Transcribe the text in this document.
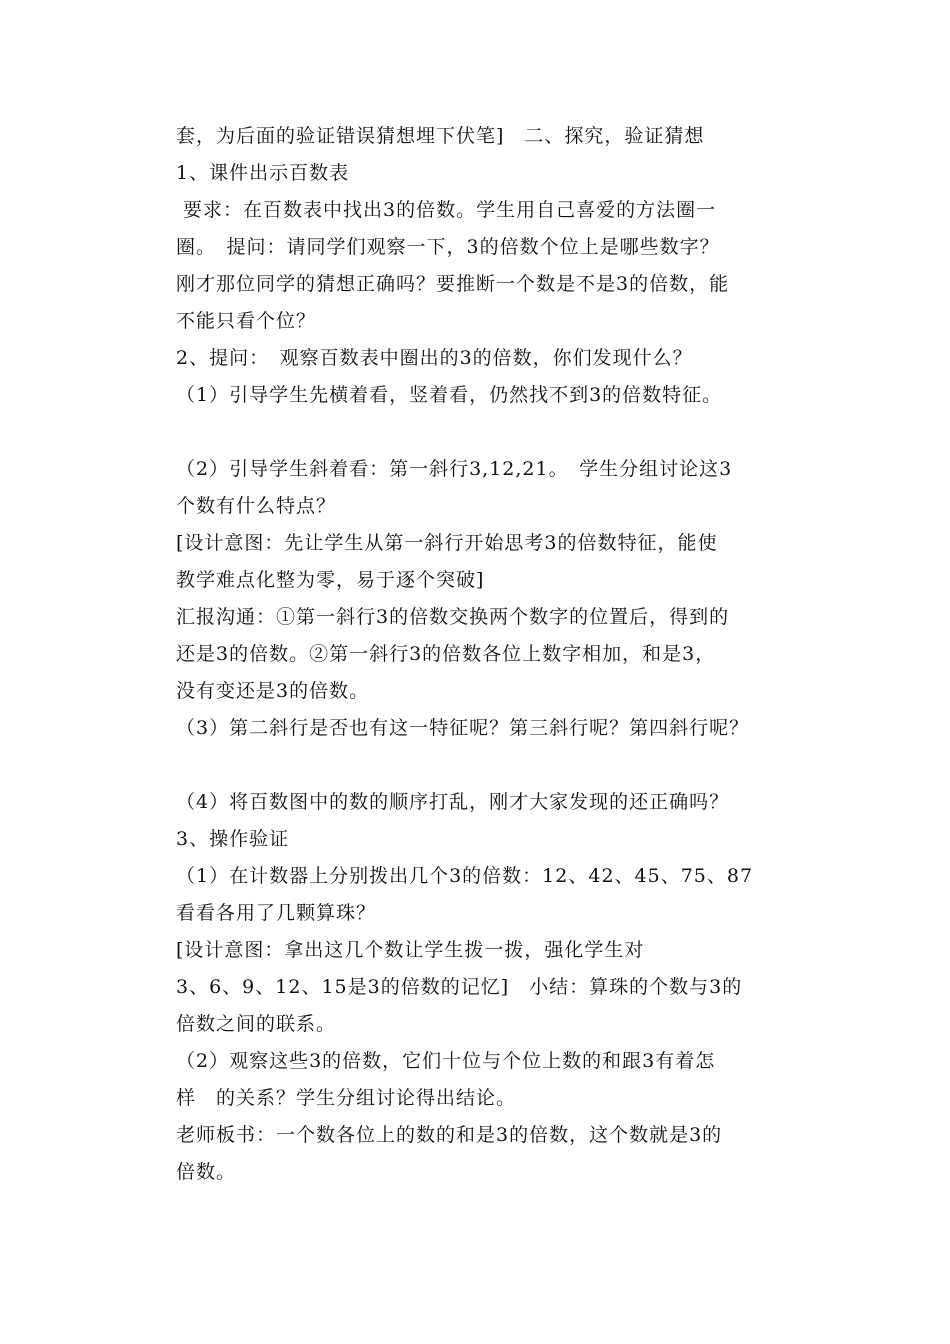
套，为后面的验证错误猜想埋下伏笔]　二、探究，验证猜想
1、课件出示百数表
要求：在百数表中找出3的倍数。学生用自己喜爱的方法圈一
圈。　提问：请同学们观察一下，3的倍数个位上是哪些数字？
刚才那位同学的猜想正确吗？要推断一个数是不是3的倍数，能
不能只看个位？
2、提问：　观察百数表中圈出的3的倍数，你们发现什么？
（1）引导学生先横着看，竖着看，仍然找不到3的倍数特征。
（2）引导学生斜着看：第一斜行3,12,21。　学生分组讨论这3
个数有什么特点？
[设计意图：先让学生从第一斜行开始思考3的倍数特征，能使
教学难点化整为零，易于逐个突破]
汇报沟通：①第一斜行3的倍数交换两个数字的位置后，得到的
还是3的倍数。②第一斜行3的倍数各位上数字相加，和是3，
没有变还是3的倍数。
（3）第二斜行是否也有这一特征呢？第三斜行呢？第四斜行呢？
（4）将百数图中的数的顺序打乱，刚才大家发现的还正确吗？
3、操作验证
（1）在计数器上分别拨出几个3的倍数：12、42、45、75、87
看看各用了几颗算珠？
[设计意图：拿出这几个数让学生拨一拨，强化学生对
3、6、9、12、15是3的倍数的记忆]　小结：算珠的个数与3的
倍数之间的联系。
（2）观察这些3的倍数，它们十位与个位上数的和跟3有着怎
样　的关系？学生分组讨论得出结论。
老师板书：一个数各位上的数的和是3的倍数，这个数就是3的
倍数。
